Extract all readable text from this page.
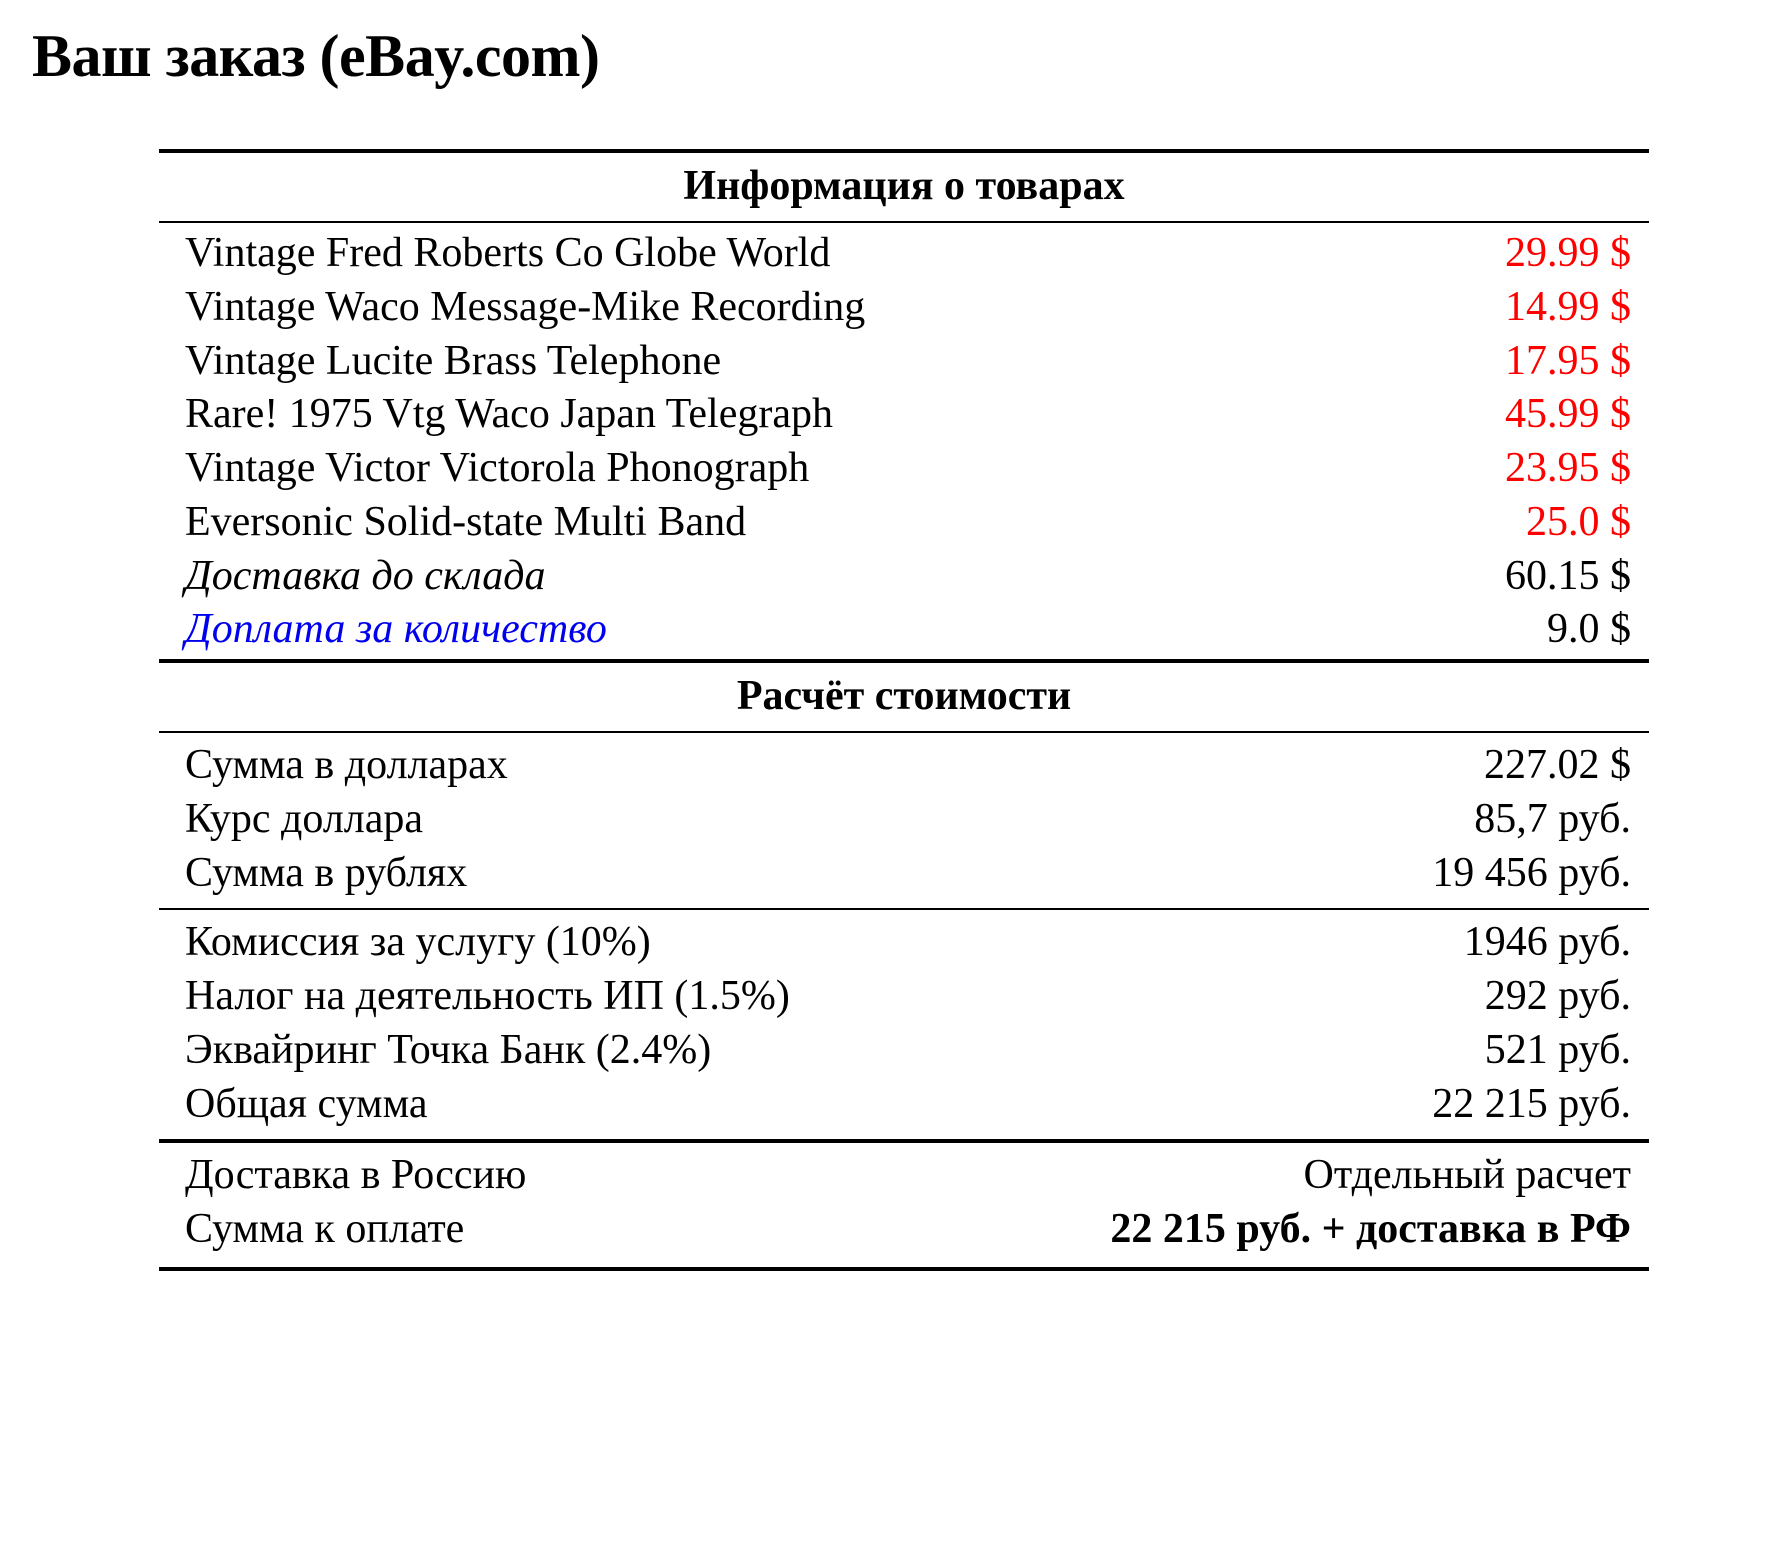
Ваш заказ (eBay.com)
Информация о товарах
Vintage Fred Roberts Co Globe World	29.99 $
Vintage Waco Message-Mike Recording	14.99 $
Vintage Lucite Brass Telephone	17.95 $
Rare! 1975 Vtg Waco Japan Telegraph	45.99 $
Vintage Victor Victorola Phonograph	23.95 $
Eversonic Solid-state Multi Band	25.0 $
Доставка до склада	60.15 $
Доплата за количество	9.0 $
Расчёт стоимости
Сумма в долларах	227.02 $
Курс доллара	85,7 руб.
Сумма в рублях	19 456 руб.
Комиссия за услугу (10%)	1946 руб.
Налог на деятельность ИП (1.5%)	292 руб.
Эквайринг Точка Банк (2.4%)	521 руб.
Общая сумма	22 215 руб.
Доставка в Россию	Отдельный расчет
Сумма к оплате	22 215 руб. + доставка в РФ
